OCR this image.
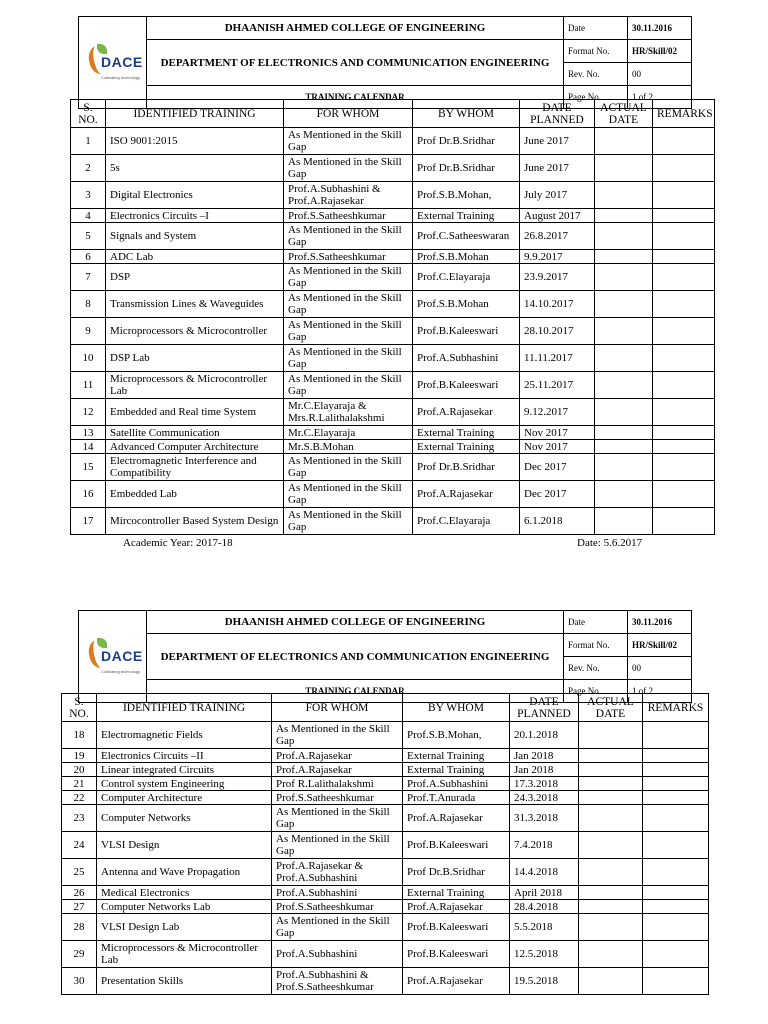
DACE
Cultivating technology	DHAANISH AHMED COLLEGE OF ENGINEERING	Date	30.11.2016
	DEPARTMENT OF ELECTRONICS AND COMMUNICATION ENGINEERING	Format No.	HR/Skill/02
		Rev. No.	00
	TRAINING CALENDAR	Page No.	1 of 2
S. NO.	IDENTIFIED TRAINING	FOR WHOM	BY WHOM	DATE PLANNED	ACTUAL DATE	REMARKS
1	ISO 9001:2015	As Mentioned in the Skill Gap	Prof Dr.B.Sridhar	June 2017		
2	5s	As Mentioned in the Skill Gap	Prof Dr.B.Sridhar	June 2017		
3	Digital Electronics	Prof.A.Subhashini & Prof.A.Rajasekar	Prof.S.B.Mohan,	July 2017		
4	Electronics Circuits –I	Prof.S.Satheeshkumar	External Training	August 2017		
5	Signals and System	As Mentioned in the Skill Gap	Prof.C.Satheeswaran	26.8.2017		
6	ADC Lab	Prof.S.Satheeshkumar	Prof.S.B.Mohan	9.9.2017		
7	DSP	As Mentioned in the Skill Gap	Prof.C.Elayaraja	23.9.2017		
8	Transmission Lines & Waveguides	As Mentioned in the Skill Gap	Prof.S.B.Mohan	14.10.2017		
9	Microprocessors & Microcontroller	As Mentioned in the Skill Gap	Prof.B.Kaleeswari	28.10.2017		
10	DSP Lab	As Mentioned in the Skill Gap	Prof.A.Subhashini	11.11.2017		
11	Microprocessors & Microcontroller Lab	As Mentioned in the Skill Gap	Prof.B.Kaleeswari	25.11.2017		
12	Embedded and Real time System	Mr.C.Elayaraja & Mrs.R.Lalithalakshmi	Prof.A.Rajasekar	9.12.2017		
13	Satellite Communication	Mr.C.Elayaraja	External Training	Nov 2017		
14	Advanced Computer Architecture	Mr.S.B.Mohan	External Training	Nov 2017		
15	Electromagnetic Interference and Compatibility	As Mentioned in the Skill Gap	Prof Dr.B.Sridhar	Dec 2017		
16	Embedded Lab	As Mentioned in the Skill Gap	Prof.A.Rajasekar	Dec 2017		
17	Mircocontroller Based System Design	As Mentioned in the Skill Gap	Prof.C.Elayaraja	6.1.2018		
Academic Year: 2017-18	Date: 5.6.2017
DACE
Cultivating technology	DHAANISH AHMED COLLEGE OF ENGINEERING	Date	30.11.2016
	DEPARTMENT OF ELECTRONICS AND COMMUNICATION ENGINEERING	Format No.	HR/Skill/02
		Rev. No.	00
	TRAINING CALENDAR	Page No.	1 of 2
S. NO.	IDENTIFIED TRAINING	FOR WHOM	BY WHOM	DATE PLANNED	ACTUAL DATE	REMARKS
18	Electromagnetic Fields	As Mentioned in the Skill Gap	Prof.S.B.Mohan,	20.1.2018		
19	Electronics Circuits –II	Prof.A.Rajasekar	External Training	Jan 2018		
20	Linear integrated Circuits	Prof.A.Rajasekar	External Training	Jan 2018		
21	Control system Engineering	Prof R.Lalithalakshmi	Prof.A.Subhashini	17.3.2018		
22	Computer Architecture	Prof.S.Satheeshkumar	Prof.T.Anurada	24.3.2018		
23	Computer Networks	As Mentioned in the Skill Gap	Prof.A.Rajasekar	31.3.2018		
24	VLSI Design	As Mentioned in the Skill Gap	Prof.B.Kaleeswari	7.4.2018		
25	Antenna and Wave Propagation	Prof.A.Rajasekar & Prof.A.Subhashini	Prof Dr.B.Sridhar	14.4.2018		
26	Medical Electronics	Prof.A.Subhashini	External Training	April 2018		
27	Computer Networks Lab	Prof.S.Satheeshkumar	Prof.A.Rajasekar	28.4.2018		
28	VLSI Design Lab	As Mentioned in the Skill Gap	Prof.B.Kaleeswari	5.5.2018		
29	Microprocessors & Microcontroller Lab	Prof.A.Subhashini	Prof.B.Kaleeswari	12.5.2018		
30	Presentation Skills	Prof.A.Subhashini & Prof.S.Satheeshkumar	Prof.A.Rajasekar	19.5.2018		
